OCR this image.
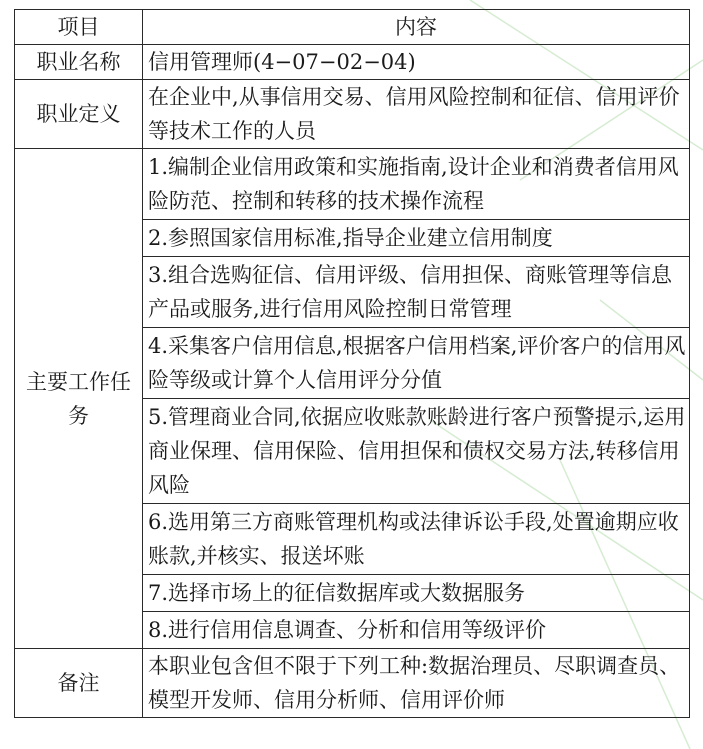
项目	内容
职业名称	信用管理师(4−07−02−04)
职业定义	在企业中,从事信用交易、信用风险控制和征信、信用评价等技术工作的人员
主要工作任务	1.编制企业信用政策和实施指南,设计企业和消费者信用风险防范、控制和转移的技术操作流程
	2.参照国家信用标准,指导企业建立信用制度
	3.组合选购征信、信用评级、信用担保、商账管理等信息产品或服务,进行信用风险控制日常管理
	4.采集客户信用信息,根据客户信用档案,评价客户的信用风险等级或计算个人信用评分分值
	5.管理商业合同,依据应收账款账龄进行客户预警提示,运用商业保理、信用保险、信用担保和债权交易方法,转移信用风险
	6.选用第三方商账管理机构或法律诉讼手段,处置逾期应收账款,并核实、报送坏账
	7.选择市场上的征信数据库或大数据服务
	8.进行信用信息调查、分析和信用等级评价
备注	本职业包含但不限于下列工种:数据治理员、尽职调查员、模型开发师、信用分析师、信用评价师
